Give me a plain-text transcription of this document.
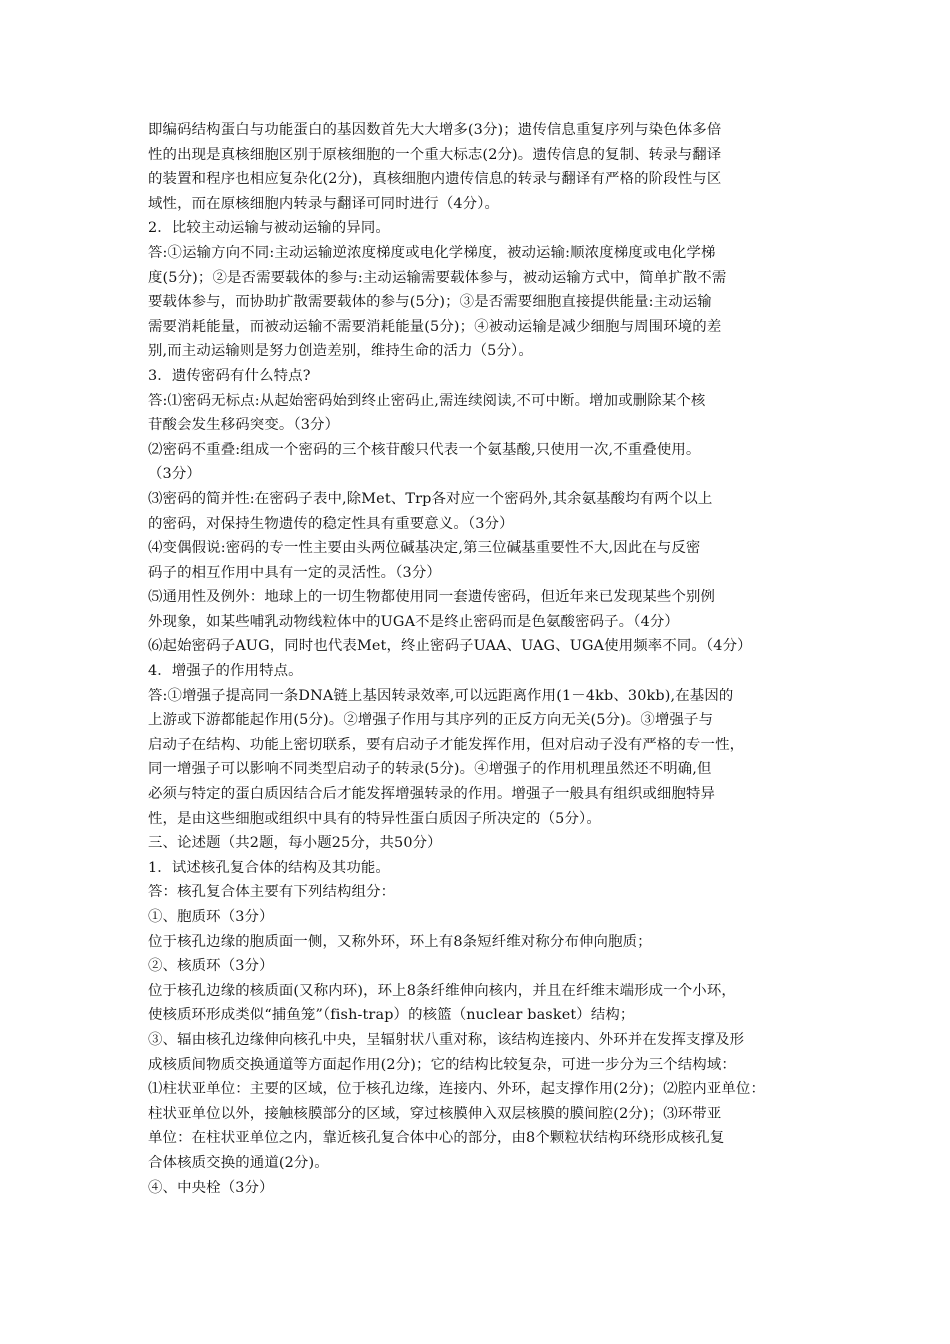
即编码结构蛋白与功能蛋白的基因数首先大大增多(3分)；遗传信息重复序列与染色体多倍
性的出现是真核细胞区别于原核细胞的一个重大标志(2分)。遗传信息的复制、转录与翻译
的装置和程序也相应复杂化(2分)，真核细胞内遗传信息的转录与翻译有严格的阶段性与区
域性，而在原核细胞内转录与翻译可同时进行（4分）。
2．比较主动运输与被动运输的异同。
答:①运输方向不同:主动运输逆浓度梯度或电化学梯度，被动运输:顺浓度梯度或电化学梯
度(5分)；②是否需要载体的参与:主动运输需要载体参与，被动运输方式中，简单扩散不需
要载体参与，而协助扩散需要载体的参与(5分)；③是否需要细胞直接提供能量:主动运输
需要消耗能量，而被动运输不需要消耗能量(5分)；④被动运输是减少细胞与周围环境的差
别,而主动运输则是努力创造差别，维持生命的活力（5分）。
3．遗传密码有什么特点?
答:⑴密码无标点:从起始密码始到终止密码止,需连续阅读,不可中断。增加或删除某个核
苷酸会发生移码突变。（3分）
⑵密码不重叠:组成一个密码的三个核苷酸只代表一个氨基酸,只使用一次,不重叠使用。
（3分）
⑶密码的简并性:在密码子表中,除Met、Trp各对应一个密码外,其余氨基酸均有两个以上
的密码，对保持生物遗传的稳定性具有重要意义。（3分）
⑷变偶假说:密码的专一性主要由头两位碱基决定,第三位碱基重要性不大,因此在与反密
码子的相互作用中具有一定的灵活性。（3分）
⑸通用性及例外：地球上的一切生物都使用同一套遗传密码，但近年来已发现某些个别例
外现象，如某些哺乳动物线粒体中的UGA不是终止密码而是色氨酸密码子。（4分）
⑹起始密码子AUG，同时也代表Met，终止密码子UAA、UAG、UGA使用频率不同。（4分）
4．增强子的作用特点。
答:①增强子提高同一条DNA链上基因转录效率,可以远距离作用(1－4kb、30kb),在基因的
上游或下游都能起作用(5分)。②增强子作用与其序列的正反方向无关(5分)。③增强子与
启动子在结构、功能上密切联系，要有启动子才能发挥作用，但对启动子没有严格的专一性，
同一增强子可以影响不同类型启动子的转录(5分)。④增强子的作用机理虽然还不明确,但
必须与特定的蛋白质因结合后才能发挥增强转录的作用。增强子一般具有组织或细胞特异
性，是由这些细胞或组织中具有的特异性蛋白质因子所决定的（5分）。
三、论述题（共2题，每小题25分，共50分）
1．试述核孔复合体的结构及其功能。
答：核孔复合体主要有下列结构组分：
①、胞质环（3分）
位于核孔边缘的胞质面一侧，又称外环，环上有8条短纤维对称分布伸向胞质；
②、核质环（3分）
位于核孔边缘的核质面(又称内环)，环上8条纤维伸向核内，并且在纤维末端形成一个小环，
使核质环形成类似“捕鱼笼”（fish-trap）的核篮（nuclear basket）结构；
③、辐由核孔边缘伸向核孔中央，呈辐射状八重对称，该结构连接内、外环并在发挥支撑及形
成核质间物质交换通道等方面起作用(2分)；它的结构比较复杂，可进一步分为三个结构域：
⑴柱状亚单位：主要的区域，位于核孔边缘，连接内、外环，起支撑作用(2分)；⑵腔内亚单位：
柱状亚单位以外，接触核膜部分的区域，穿过核膜伸入双层核膜的膜间腔(2分)；⑶环带亚
单位：在柱状亚单位之内，靠近核孔复合体中心的部分，由8个颗粒状结构环绕形成核孔复
合体核质交换的通道(2分)。
④、中央栓（3分）
